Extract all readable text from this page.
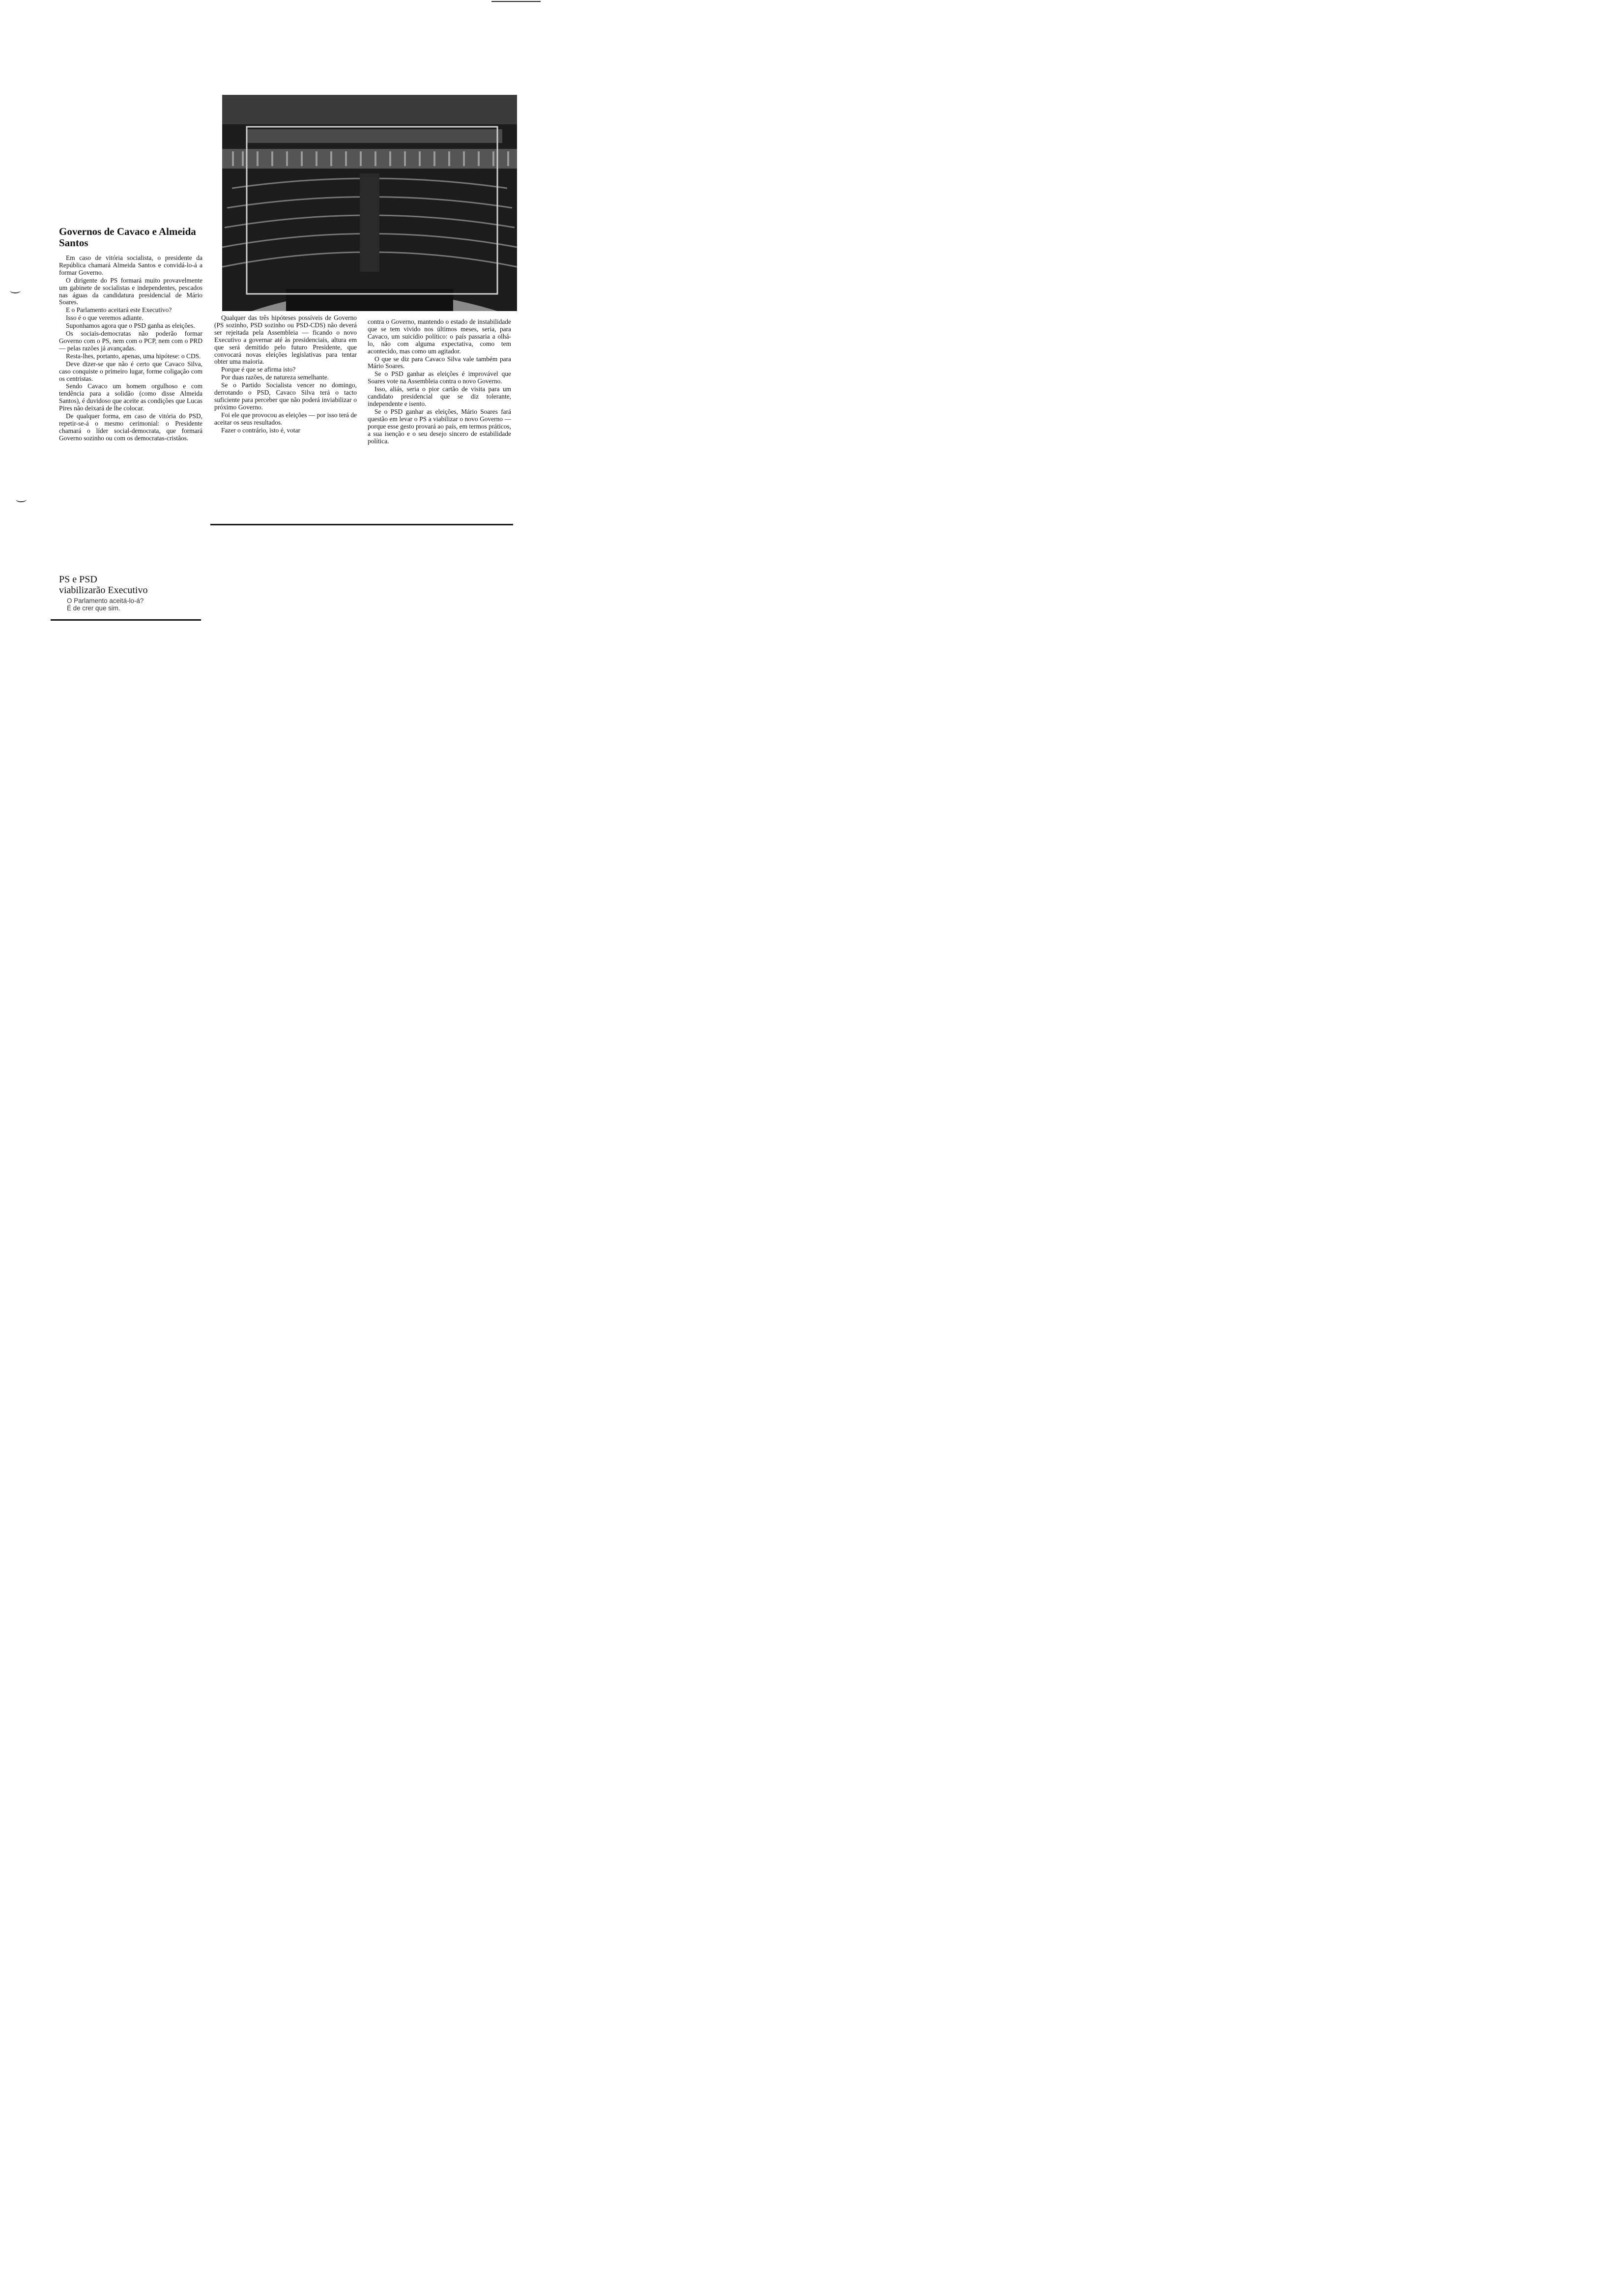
Governos de Cavaco e Almeida Santos

Em caso de vitória socialista, o presidente da República chamará Almeida Santos e convidá-lo-á a formar Governo.

O dirigente do PS formará muito provavelmente um gabinete de socialistas e independentes, pescados nas águas da candidatura presidencial de Mário Soares.

E o Parlamento aceitará este Executivo?

Isso é o que veremos adiante.

Suponhamos agora que o PSD ganha as eleições.

Os sociais-democratas não poderão formar Governo com o PS, nem com o PCP, nem com o PRD — pelas razões já avançadas.

Resta-lhes, portanto, apenas, uma hipótese: o CDS.

Deve dizer-se que não é certo que Cavaco Silva, caso conquiste o primeiro lugar, forme coligação com os centristas.

Sendo Cavaco um homem orgulhoso e com tendência para a solidão (como disse Almeida Santos), é duvidoso que aceite as condições que Lucas Pires não deixará de lhe colocar.

De qualquer forma, em caso de vitória do PSD, repetir-se-á o mesmo cerimonial: o Presidente chamará o líder social-democrata, que formará Governo sozinho ou com os democratas-cristãos.

PS e PSD
viabilizarão Executivo
O Parlamento aceitá-lo-á?
É de crer que sim.

Qualquer das três hipóteses possíveis de Governo (PS sozinho, PSD sozinho ou PSD-CDS) não deverá ser rejeitada pela Assembleia — ficando o novo Executivo a governar até às presidenciais, altura em que será demitido pelo futuro Presidente, que convocará novas eleições legislativas para tentar obter uma maioria.

Porque é que se afirma isto?

Por duas razões, de natureza semelhante.

Se o Partido Socialista vencer no domingo, derrotando o PSD, Cavaco Silva terá o tacto suficiente para perceber que não poderá inviabilizar o próximo Governo.

Foi ele que provocou as eleições — por isso terá de aceitar os seus resultados.

Fazer o contrário, isto é, votar

contra o Governo, mantendo o estado de instabilidade que se tem vivido nos últimos meses, seria, para Cavaco, um suicídio político: o país passaria a olhá-lo, não com alguma expectativa, como tem acontecido, mas como um agitador.

O que se diz para Cavaco Silva vale também para Mário Soares.

Se o PSD ganhar as eleições é improvável que Soares vote na Assembleia contra o novo Governo.

Isso, aliás, seria o pior cartão de visita para um candidato presidencial que se diz tolerante, independente e isento.

Se o PSD ganhar as eleições, Mário Soares fará questão em levar o PS a viabilizar o novo Governo — porque esse gesto provará ao país, em termos práticos, a sua isenção e o seu desejo sincero de estabilidade política.
